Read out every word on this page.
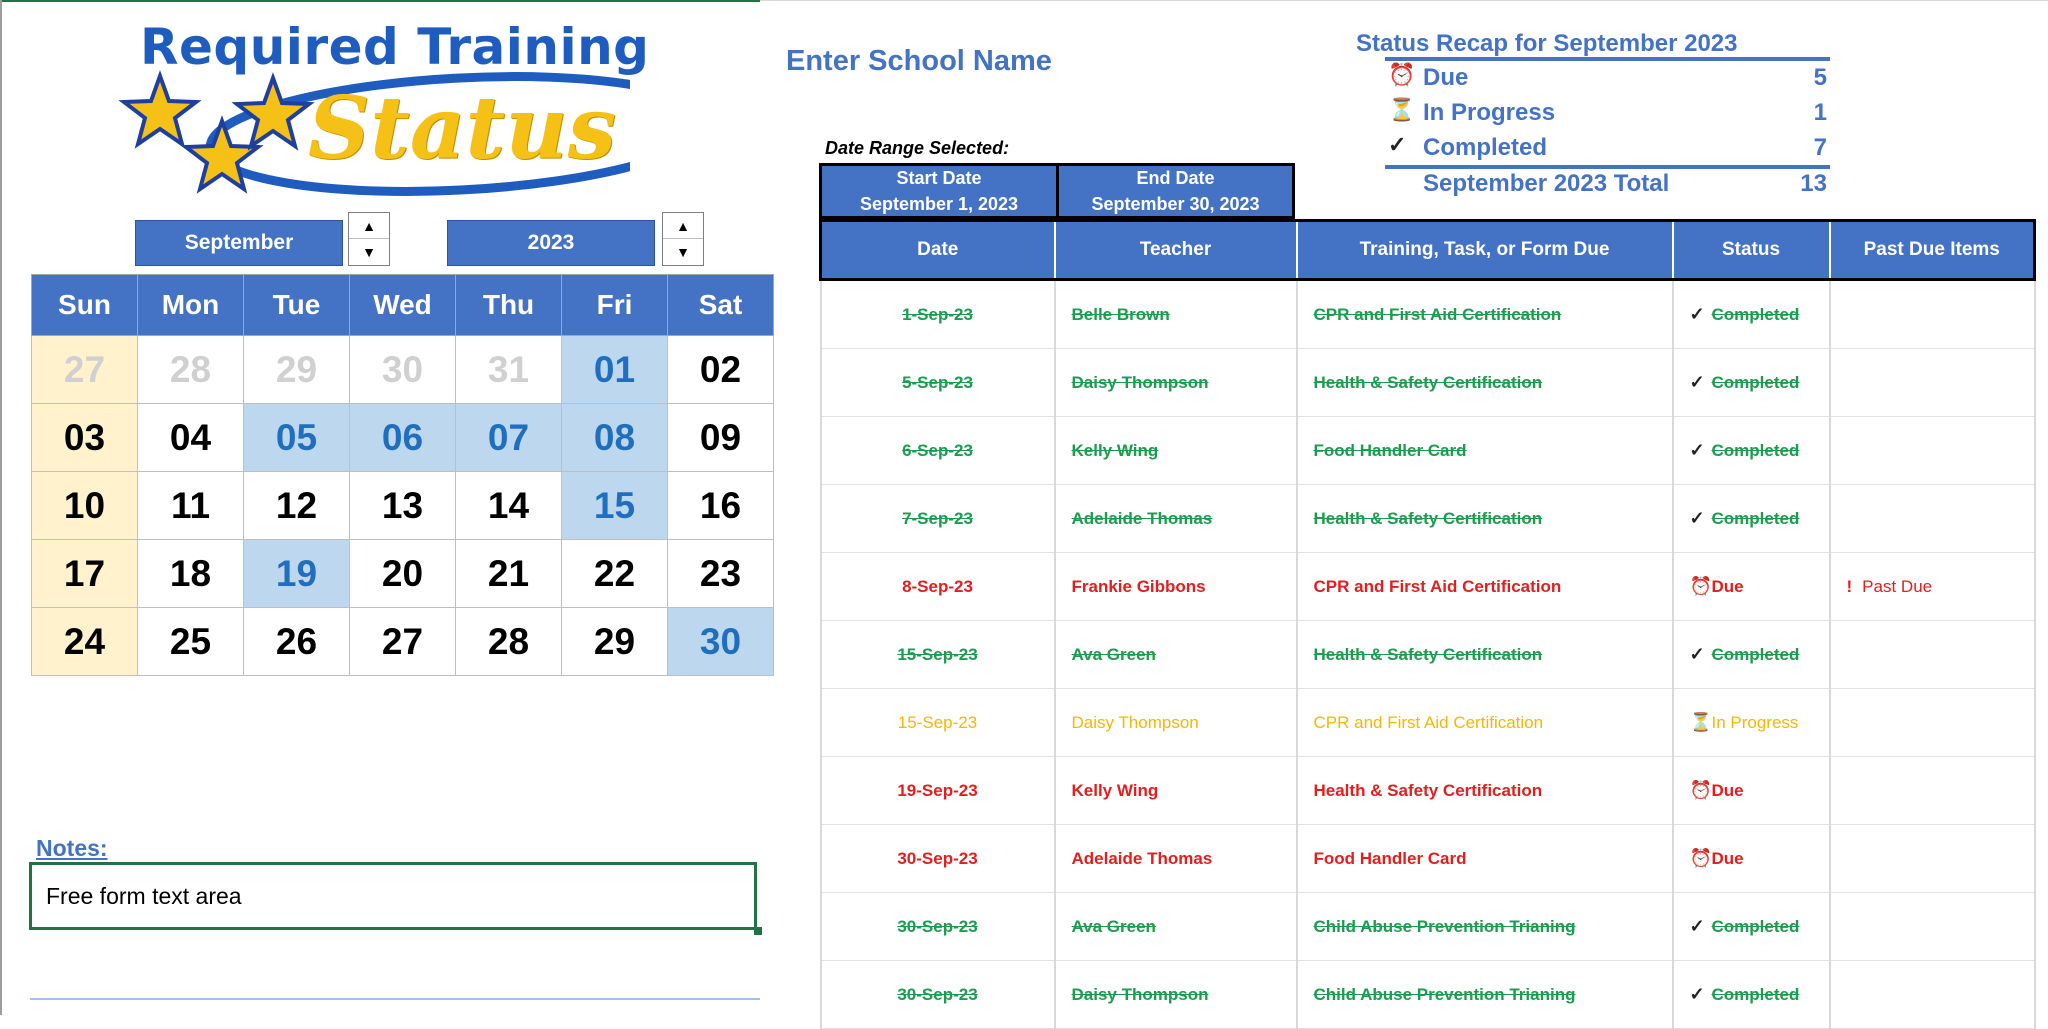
Required Training
Status
September
▲
▼	2023
▲
▼
Sun	Mon	Tue	Wed	Thu	Fri	Sat
27	28	29	30	31	01	02
03	04	05	06	07	08	09
10	11	12	13	14	15	16
17	18	19	20	21	22	23
24	25	26	27	28	29	30
Notes:
Free form text area
Enter School Name
Date Range Selected:
Start Date
September 1, 2023
End Date
September 30, 2023
Status Recap for September 2023
⏰ Due	5
⏳ In Progress	1
✓ Completed	7
September 2023 Total	13
Date	Teacher	Training, Task, or Form Due	Status	Past Due Items
1-Sep-23	Belle Brown	CPR and First Aid Certification	✓ Completed	
5-Sep-23	Daisy Thompson	Health & Safety Certification	✓ Completed	
6-Sep-23	Kelly Wing	Food Handler Card	✓ Completed	
7-Sep-23	Adelaide Thomas	Health & Safety Certification	✓ Completed	
8-Sep-23	Frankie Gibbons	CPR and First Aid Certification	⏰Due	! Past Due
15-Sep-23	Ava Green	Health & Safety Certification	✓ Completed	
15-Sep-23	Daisy Thompson	CPR and First Aid Certification	⏳In Progress	
19-Sep-23	Kelly Wing	Health & Safety Certification	⏰Due	
30-Sep-23	Adelaide Thomas	Food Handler Card	⏰Due	
30-Sep-23	Ava Green	Child Abuse Prevention Trianing	✓ Completed	
30-Sep-23	Daisy Thompson	Child Abuse Prevention Trianing	✓ Completed	
